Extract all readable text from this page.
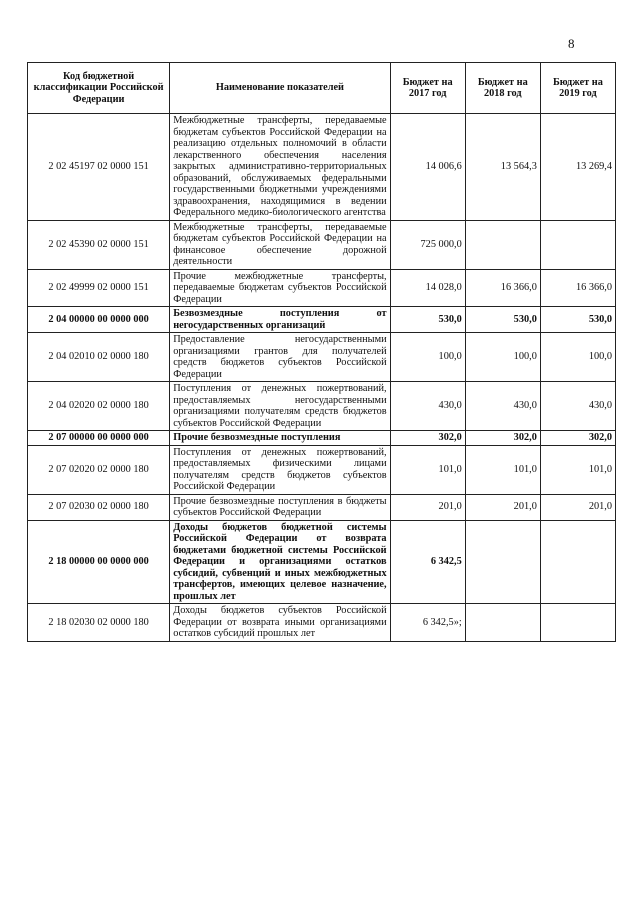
8
Код бюджетной классификации Российской Федерации	Наименование показателей	Бюджет на 2017 год	Бюджет на 2018 год	Бюджет на 2019 год
2 02 45197 02 0000 151	Межбюджетные трансферты, передаваемые бюджетам субъектов Российской Федерации на реализацию отдельных полномочий в области лекарственного обеспечения населения закрытых административно-территориальных образований, обслуживаемых федеральными государственными бюджетными учреждениями здравоохранения, находящимися в ведении Федерального медико-биологического агентства	14 006,6	13 564,3	13 269,4
2 02 45390 02 0000 151	Межбюджетные трансферты, передаваемые бюджетам субъектов Российской Федерации на финансовое обеспечение дорожной деятельности	725 000,0		
2 02 49999 02 0000 151	Прочие межбюджетные трансферты, передаваемые бюджетам субъектов Российской Федерации	14 028,0	16 366,0	16 366,0
2 04 00000 00 0000 000	Безвозмездные поступления от негосударственных организаций	530,0	530,0	530,0
2 04 02010 02 0000 180	Предоставление негосударственными организациями грантов для получателей средств бюджетов субъектов Российской Федерации	100,0	100,0	100,0
2 04 02020 02 0000 180	Поступления от денежных пожертвований, предоставляемых негосударственными организациями получателям средств бюджетов субъектов Российской Федерации	430,0	430,0	430,0
2 07 00000 00 0000 000	Прочие безвозмездные поступления	302,0	302,0	302,0
2 07 02020 02 0000 180	Поступления от денежных пожертвований, предоставляемых физическими лицами получателям средств бюджетов субъектов Российской Федерации	101,0	101,0	101,0
2 07 02030 02 0000 180	Прочие безвозмездные поступления в бюджеты субъектов Российской Федерации	201,0	201,0	201,0
2 18 00000 00 0000 000	Доходы бюджетов бюджетной системы Российской Федерации от возврата бюджетами бюджетной системы Российской Федерации и организациями остатков субсидий, субвенций и иных межбюджетных трансфертов, имеющих целевое назначение, прошлых лет	6 342,5		
2 18 02030 02 0000 180	Доходы бюджетов субъектов Российской Федерации от возврата иными организациями остатков субсидий прошлых лет	6 342,5»;		
